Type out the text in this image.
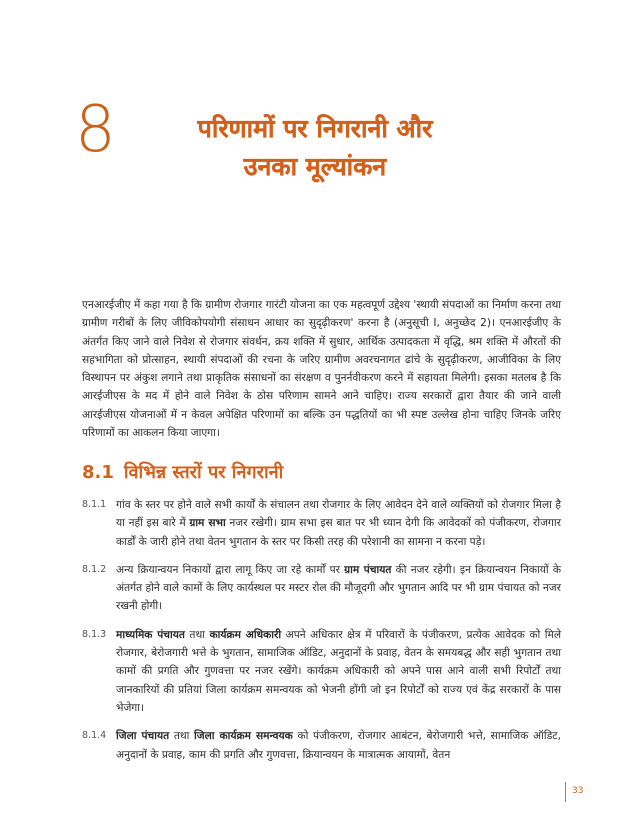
8	परिणामों पर निगरानी और
उनका मूल्यांकन

एनआरईजीए में कहा गया है कि ग्रामीण रोजगार गारंटी योजना का एक महत्वपूर्ण उद्देश्य 'स्थायी संपदाओं का निर्माण करना तथा ग्रामीण गरीबों के लिए जीविकोपयोगी संसाधन आधार का सुदृढ़ीकरण' करना है (अनुसूची I, अनुच्छेद 2)। एनआरईजीए के अंतर्गत किए जाने वाले निवेश से रोजगार संवर्धन, क्रय शक्ति में सुधार, आर्थिक उत्पादकता में वृद्धि, श्रम शक्ति में औरतों की सहभागिता को प्रोत्साहन, स्थायी संपदाओं की रचना के जरिए ग्रामीण अवरचनागत ढांचे के सुदृढ़ीकरण, आजीविका के लिए विस्थापन पर अंकुश लगाने तथा प्राकृतिक संसाधनों का संरक्षण व पुनर्नवीकरण करने में सहायता मिलेगी। इसका मतलब है कि आरईजीएस के मद में होने वाले निवेश के ठोस परिणाम सामने आने चाहिए। राज्य सरकारों द्वारा तैयार की जाने वाली आरईजीएस योजनाओं में न केवल अपेक्षित परिणामों का बल्कि उन पद्धतियों का भी स्पष्ट उल्लेख होना चाहिए जिनके जरिए परिणामों का आकलन किया जाएगा।

8.1 विभिन्न स्तरों पर निगरानी
8.1.1 गांव के स्तर पर होने वाले सभी कार्यों के संचालन तथा रोजगार के लिए आवेदन देने वाले व्यक्तियों को रोजगार मिला है या नहीं इस बारे में ग्राम सभा नजर रखेगी। ग्राम सभा इस बात पर भी ध्यान देगी कि आवेदकों को पंजीकरण, रोजगार कार्डों के जारी होने तथा वेतन भुगतान के स्तर पर किसी तरह की परेशानी का सामना न करना पड़े।
8.1.2 अन्य क्रियान्वयन निकायों द्वारा लागू किए जा रहे कार्मों पर ग्राम पंचायत की नजर रहेगी। इन क्रियान्वयन निकायों के अंतर्गत होने वाले कामों के लिए कार्यस्थल पर मस्टर रोल की मौजूदगी और भुगतान आदि पर भी ग्राम पंचायत को नजर रखनी होगी।
8.1.3 माध्यमिक पंचायत तथा कार्यक्रम अधिकारी अपने अधिकार क्षेत्र में परिवारों के पंजीकरण, प्रत्येक आवेदक को मिले रोजगार, बेरोजगारी भत्ते के भुगतान, सामाजिक ऑडिट, अनुदानों के प्रवाह, वेतन के समयबद्ध और सही भुगतान तथा कामों की प्रगति और गुणवत्ता पर नजर रखेंगे। कार्यक्रम अधिकारी को अपने पास आने वाली सभी रिपोर्टों तथा जानकारियों की प्रतियां जिला कार्यक्रम समन्वयक को भेजनी होंगी जो इन रिपोर्टों को राज्य एवं केंद्र सरकारों के पास भेजेगा।
8.1.4 जिला पंचायत तथा जिला कार्यक्रम समन्वयक को पंजीकरण, रोजगार आबंटन, बेरोजगारी भत्ते, सामाजिक ऑडिट, अनुदानों के प्रवाह, काम की प्रगति और गुणवत्ता, क्रियान्वयन के मात्रात्मक आयामों, वेतन
33
